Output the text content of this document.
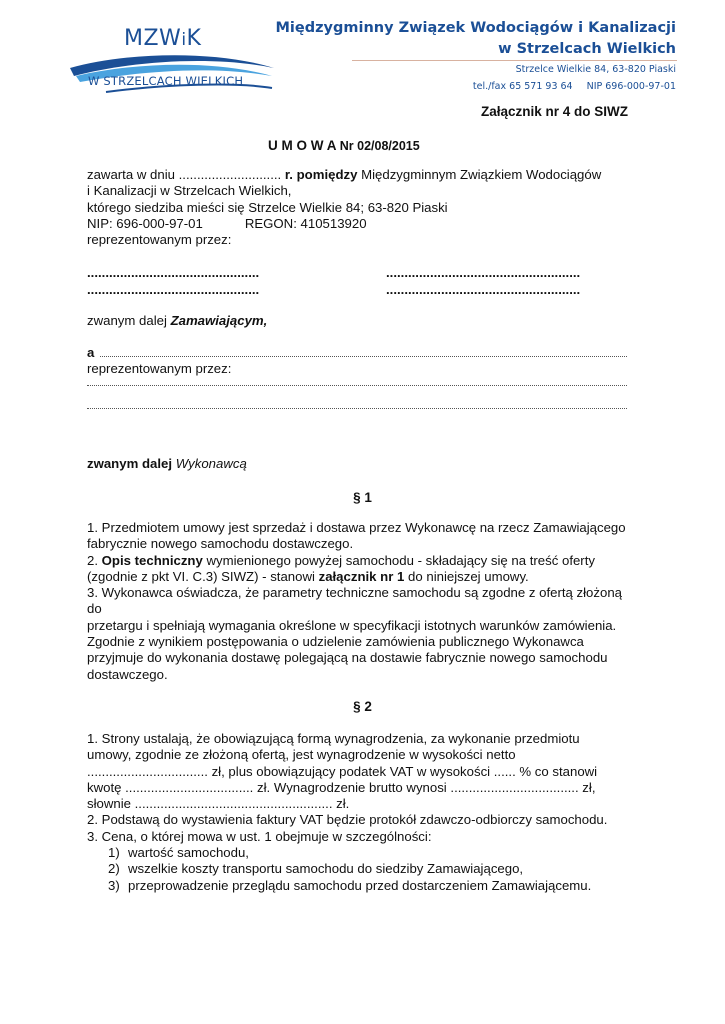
MZWiK
W STRZELCACH WIELKICH
Międzygminny Związek Wodociągów i Kanalizacji
w Strzelcach Wielkich
Strzelce Wielkie 84, 63-820 Piaski
tel./fax 65 571 93 64 NIP 696-000-97-01
Załącznik nr 4 do SIWZ
U M O W A Nr 02/08/2015
zawarta w dniu ............................ r. pomiędzy Międzygminnym Związkiem Wodociągów
i Kanalizacji w Strzelcach Wielkich,
którego siedziba mieści się Strzelce Wielkie 84; 63-820 Piaski
NIP: 696-000-97-01	REGON: 410513920
reprezentowanym przez:
...............................................
...............................................
.....................................................
.....................................................
zwanym dalej Zamawiającym,
a
reprezentowanym przez:
zwanym dalej Wykonawcą
§ 1
1. Przedmiotem umowy jest sprzedaż i dostawa przez Wykonawcę na rzecz Zamawiającego
fabrycznie nowego samochodu dostawczego.
2. Opis techniczny wymienionego powyżej samochodu - składający się na treść oferty
(zgodnie z pkt VI. C.3) SIWZ) - stanowi załącznik nr 1 do niniejszej umowy.
3. Wykonawca oświadcza, że parametry techniczne samochodu są zgodne z ofertą złożoną
do
przetargu i spełniają wymagania określone w specyfikacji istotnych warunków zamówienia.
Zgodnie z wynikiem postępowania o udzielenie zamówienia publicznego Wykonawca
przyjmuje do wykonania dostawę polegającą na dostawie fabrycznie nowego samochodu
dostawczego.
§ 2
1. Strony ustalają, że obowiązującą formą wynagrodzenia, za wykonanie przedmiotu
umowy, zgodnie ze złożoną ofertą, jest wynagrodzenie w wysokości netto
................................. zł, plus obowiązujący podatek VAT w wysokości ...... % co stanowi
kwotę ................................... zł. Wynagrodzenie brutto wynosi ................................... zł,
słownie ...................................................... zł.
2. Podstawą do wystawienia faktury VAT będzie protokół zdawczo-odbiorczy samochodu.
3. Cena, o której mowa w ust. 1 obejmuje w szczególności:
1) wartość samochodu,
2) wszelkie koszty transportu samochodu do siedziby Zamawiającego,
3) przeprowadzenie przeglądu samochodu przed dostarczeniem Zamawiającemu.
